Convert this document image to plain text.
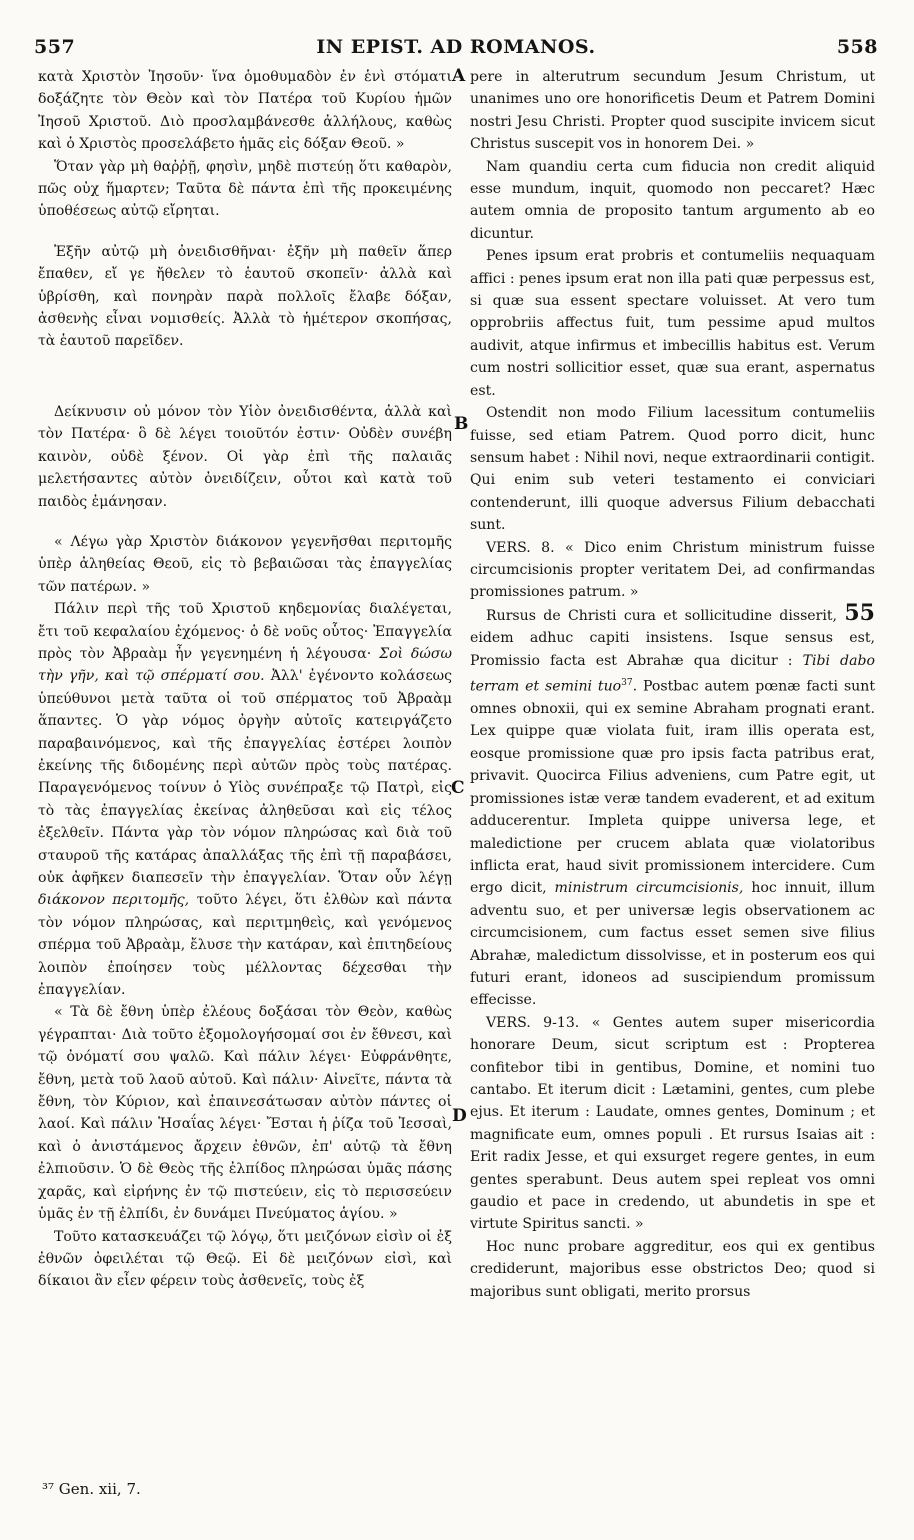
557	IN EPIST. AD ROMANOS.	558
A
B
C
D

κατὰ Χριστὸν Ἰησοῦν· ἵνα ὁμοθυμαδὸν ἐν ἑνὶ στόματι δοξάζητε τὸν Θεὸν καὶ τὸν Πατέρα τοῦ Κυρίου ἡμῶν Ἰησοῦ Χριστοῦ. Διὸ προσλαμβάνεσθε ἀλλήλους, καθὼς καὶ ὁ Χριστὸς προσελάβετο ἡμᾶς εἰς δόξαν Θεοῦ. »

Ὅταν γὰρ μὴ θαῤῥῇ, φησὶν, μηδὲ πιστεύῃ ὅτι καθαρὸν, πῶς οὐχ ἥμαρτεν; Ταῦτα δὲ πάντα ἐπὶ τῆς προκειμένης ὑποθέσεως αὐτῷ εἴρηται.

Ἐξῆν αὐτῷ μὴ ὀνειδισθῆναι· ἐξῆν μὴ παθεῖν ἅπερ ἔπαθεν, εἴ γε ἤθελεν τὸ ἑαυτοῦ σκοπεῖν· ἀλλὰ καὶ ὑβρίσθη, καὶ πονηρὰν παρὰ πολλοῖς ἔλαβε δόξαν, ἀσθενὴς εἶναι νομισθείς. Ἀλλὰ τὸ ἡμέτερον σκοπήσας, τὰ ἑαυτοῦ παρεῖδεν.

Δείκνυσιν οὐ μόνον τὸν Υἱὸν ὀνειδισθέντα, ἀλλὰ καὶ τὸν Πατέρα· ὃ δὲ λέγει τοιοῦτόν ἐστιν· Οὐδὲν συνέβη καινὸν, οὐδὲ ξένον. Οἱ γὰρ ἐπὶ τῆς παλαιᾶς μελετήσαντες αὐτὸν ὀνειδίζειν, οὗτοι καὶ κατὰ τοῦ παιδὸς ἐμάνησαν.

« Λέγω γὰρ Χριστὸν διάκονον γεγενῆσθαι περιτομῆς ὑπὲρ ἀληθείας Θεοῦ, εἰς τὸ βεβαιῶσαι τὰς ἐπαγγελίας τῶν πατέρων. »

Πάλιν περὶ τῆς τοῦ Χριστοῦ κηδεμονίας διαλέγεται, ἔτι τοῦ κεφαλαίου ἐχόμενος· ὁ δὲ νοῦς οὗτος· Ἐπαγγελία πρὸς τὸν Ἀβραὰμ ἦν γεγενημένη ἡ λέγουσα· Σοὶ δώσω τὴν γῆν, καὶ τῷ σπέρματί σου. Ἀλλ' ἐγένοντο κολάσεως ὑπεύθυνοι μετὰ ταῦτα οἱ τοῦ σπέρματος τοῦ Ἀβραὰμ ἅπαντες. Ὁ γὰρ νόμος ὀργὴν αὐτοῖς κατειργάζετο παραβαινόμενος, καὶ τῆς ἐπαγγελίας ἐστέρει λοιπὸν ἐκείνης τῆς διδομένης περὶ αὐτῶν πρὸς τοὺς πατέρας. Παραγενόμενος τοίνυν ὁ Υἱὸς συνέπραξε τῷ Πατρὶ, εἰς τὸ τὰς ἐπαγγελίας ἐκείνας ἀληθεῦσαι καὶ εἰς τέλος ἐξελθεῖν. Πάντα γὰρ τὸν νόμον πληρώσας καὶ διὰ τοῦ σταυροῦ τῆς κατάρας ἀπαλλάξας τῆς ἐπὶ τῇ παραβάσει, οὐκ ἀφῆκεν διαπεσεῖν τὴν ἐπαγγελίαν. Ὅταν οὖν λέγῃ διάκονον περιτομῆς, τοῦτο λέγει, ὅτι ἐλθὼν καὶ πάντα τὸν νόμον πληρώσας, καὶ περιτμηθεὶς, καὶ γενόμενος σπέρμα τοῦ Ἀβραὰμ, ἔλυσε τὴν κατάραν, καὶ ἐπιτηδείους λοιπὸν ἐποίησεν τοὺς μέλλοντας δέχεσθαι τὴν ἐπαγγελίαν.

« Τὰ δὲ ἔθνη ὑπὲρ ἐλέους δοξάσαι τὸν Θεὸν, καθὼς γέγραπται· Διὰ τοῦτο ἐξομολογήσομαί σοι ἐν ἔθνεσι, καὶ τῷ ὀνόματί σου ψαλῶ. Καὶ πάλιν λέγει· Εὐφράνθητε, ἔθνη, μετὰ τοῦ λαοῦ αὐτοῦ. Καὶ πάλιν· Αἰνεῖτε, πάντα τὰ ἔθνη, τὸν Κύριον, καὶ ἐπαινεσάτωσαν αὐτὸν πάντες οἱ λαοί. Καὶ πάλιν Ἡσαΐας λέγει· Ἔσται ἡ ῥίζα τοῦ Ἰεσσαὶ, καὶ ὁ ἀνιστάμενος ἄρχειν ἐθνῶν, ἐπ' αὐτῷ τὰ ἔθνη ἐλπιοῦσιν. Ὁ δὲ Θεὸς τῆς ἐλπίδος πληρώσαι ὑμᾶς πάσης χαρᾶς, καὶ εἰρήνης ἐν τῷ πιστεύειν, εἰς τὸ περισσεύειν ὑμᾶς ἐν τῇ ἐλπίδι, ἐν δυνάμει Πνεύματος ἁγίου. »

Τοῦτο κατασκευάζει τῷ λόγῳ, ὅτι μειζόνων εἰσὶν οἱ ἐξ ἐθνῶν ὀφειλέται τῷ Θεῷ. Εἰ δὲ μειζόνων εἰσὶ, καὶ δίκαιοι ἂν εἶεν φέρειν τοὺς ἀσθενεῖς, τοὺς ἐξ

pere in alterutrum secundum Jesum Christum, ut unanimes uno ore honorificetis Deum et Patrem Domini nostri Jesu Christi. Propter quod suscipite invicem sicut Christus suscepit vos in honorem Dei. »

Nam quandiu certa cum fiducia non credit aliquid esse mundum, inquit, quomodo non peccaret? Hæc autem omnia de proposito tantum argumento ab eo dicuntur.

Penes ipsum erat probris et contumeliis nequaquam affici : penes ipsum erat non illa pati quæ perpessus est, si quæ sua essent spectare voluisset. At vero tum opprobriis affectus fuit, tum pessime apud multos audivit, atque infirmus et imbecillis habitus est. Verum cum nostri sollicitior esset, quæ sua erant, aspernatus est.

Ostendit non modo Filium lacessitum contumeliis fuisse, sed etiam Patrem. Quod porro dicit, hunc sensum habet : Nihil novi, neque extraordinarii contigit. Qui enim sub veteri testamento ei conviciari contenderunt, illi quoque adversus Filium debacchati sunt.

VERS. 8. « Dico enim Christum ministrum fuisse circumcisionis propter veritatem Dei, ad confirmandas promissiones patrum. »

Rursus de Christi cura et sollicitudine disserit, 55 eidem adhuc capiti insistens. Isque sensus est, Promissio facta est Abrahæ qua dicitur : Tibi dabo terram et semini tuo$^{37}$. Postbac autem pœnæ facti sunt omnes obnoxii, qui ex semine Abraham prognati erant. Lex quippe quæ violata fuit, iram illis operata est, eosque promissione quæ pro ipsis facta patribus erat, privavit. Quocirca Filius adveniens, cum Patre egit, ut promissiones istæ veræ tandem evaderent, et ad exitum adducerentur. Impleta quippe universa lege, et maledictione per crucem ablata quæ violatoribus inflicta erat, haud sivit promissionem intercidere. Cum ergo dicit, ministrum circumcisionis, hoc innuit, illum adventu suo, et per universæ legis observationem ac circumcisionem, cum factus esset semen sive filius Abrahæ, maledictum dissolvisse, et in posterum eos qui futuri erant, idoneos ad suscipiendum promissum effecisse.

VERS. 9-13. « Gentes autem super misericordia honorare Deum, sicut scriptum est : Propterea confitebor tibi in gentibus, Domine, et nomini tuo cantabo. Et iterum dicit : Lætamini, gentes, cum plebe ejus. Et iterum : Laudate, omnes gentes, Dominum ; et magnificate eum, omnes populi . Et rursus Isaias ait : Erit radix Jesse, et qui exsurget regere gentes, in eum gentes sperabunt. Deus autem spei repleat vos omni gaudio et pace in credendo, ut abundetis in spe et virtute Spiritus sancti. »

Hoc nunc probare aggreditur, eos qui ex gentibus crediderunt, majoribus esse obstrictos Deo; quod si majoribus sunt obligati, merito prorsus

³⁷ Gen. xii, 7.
